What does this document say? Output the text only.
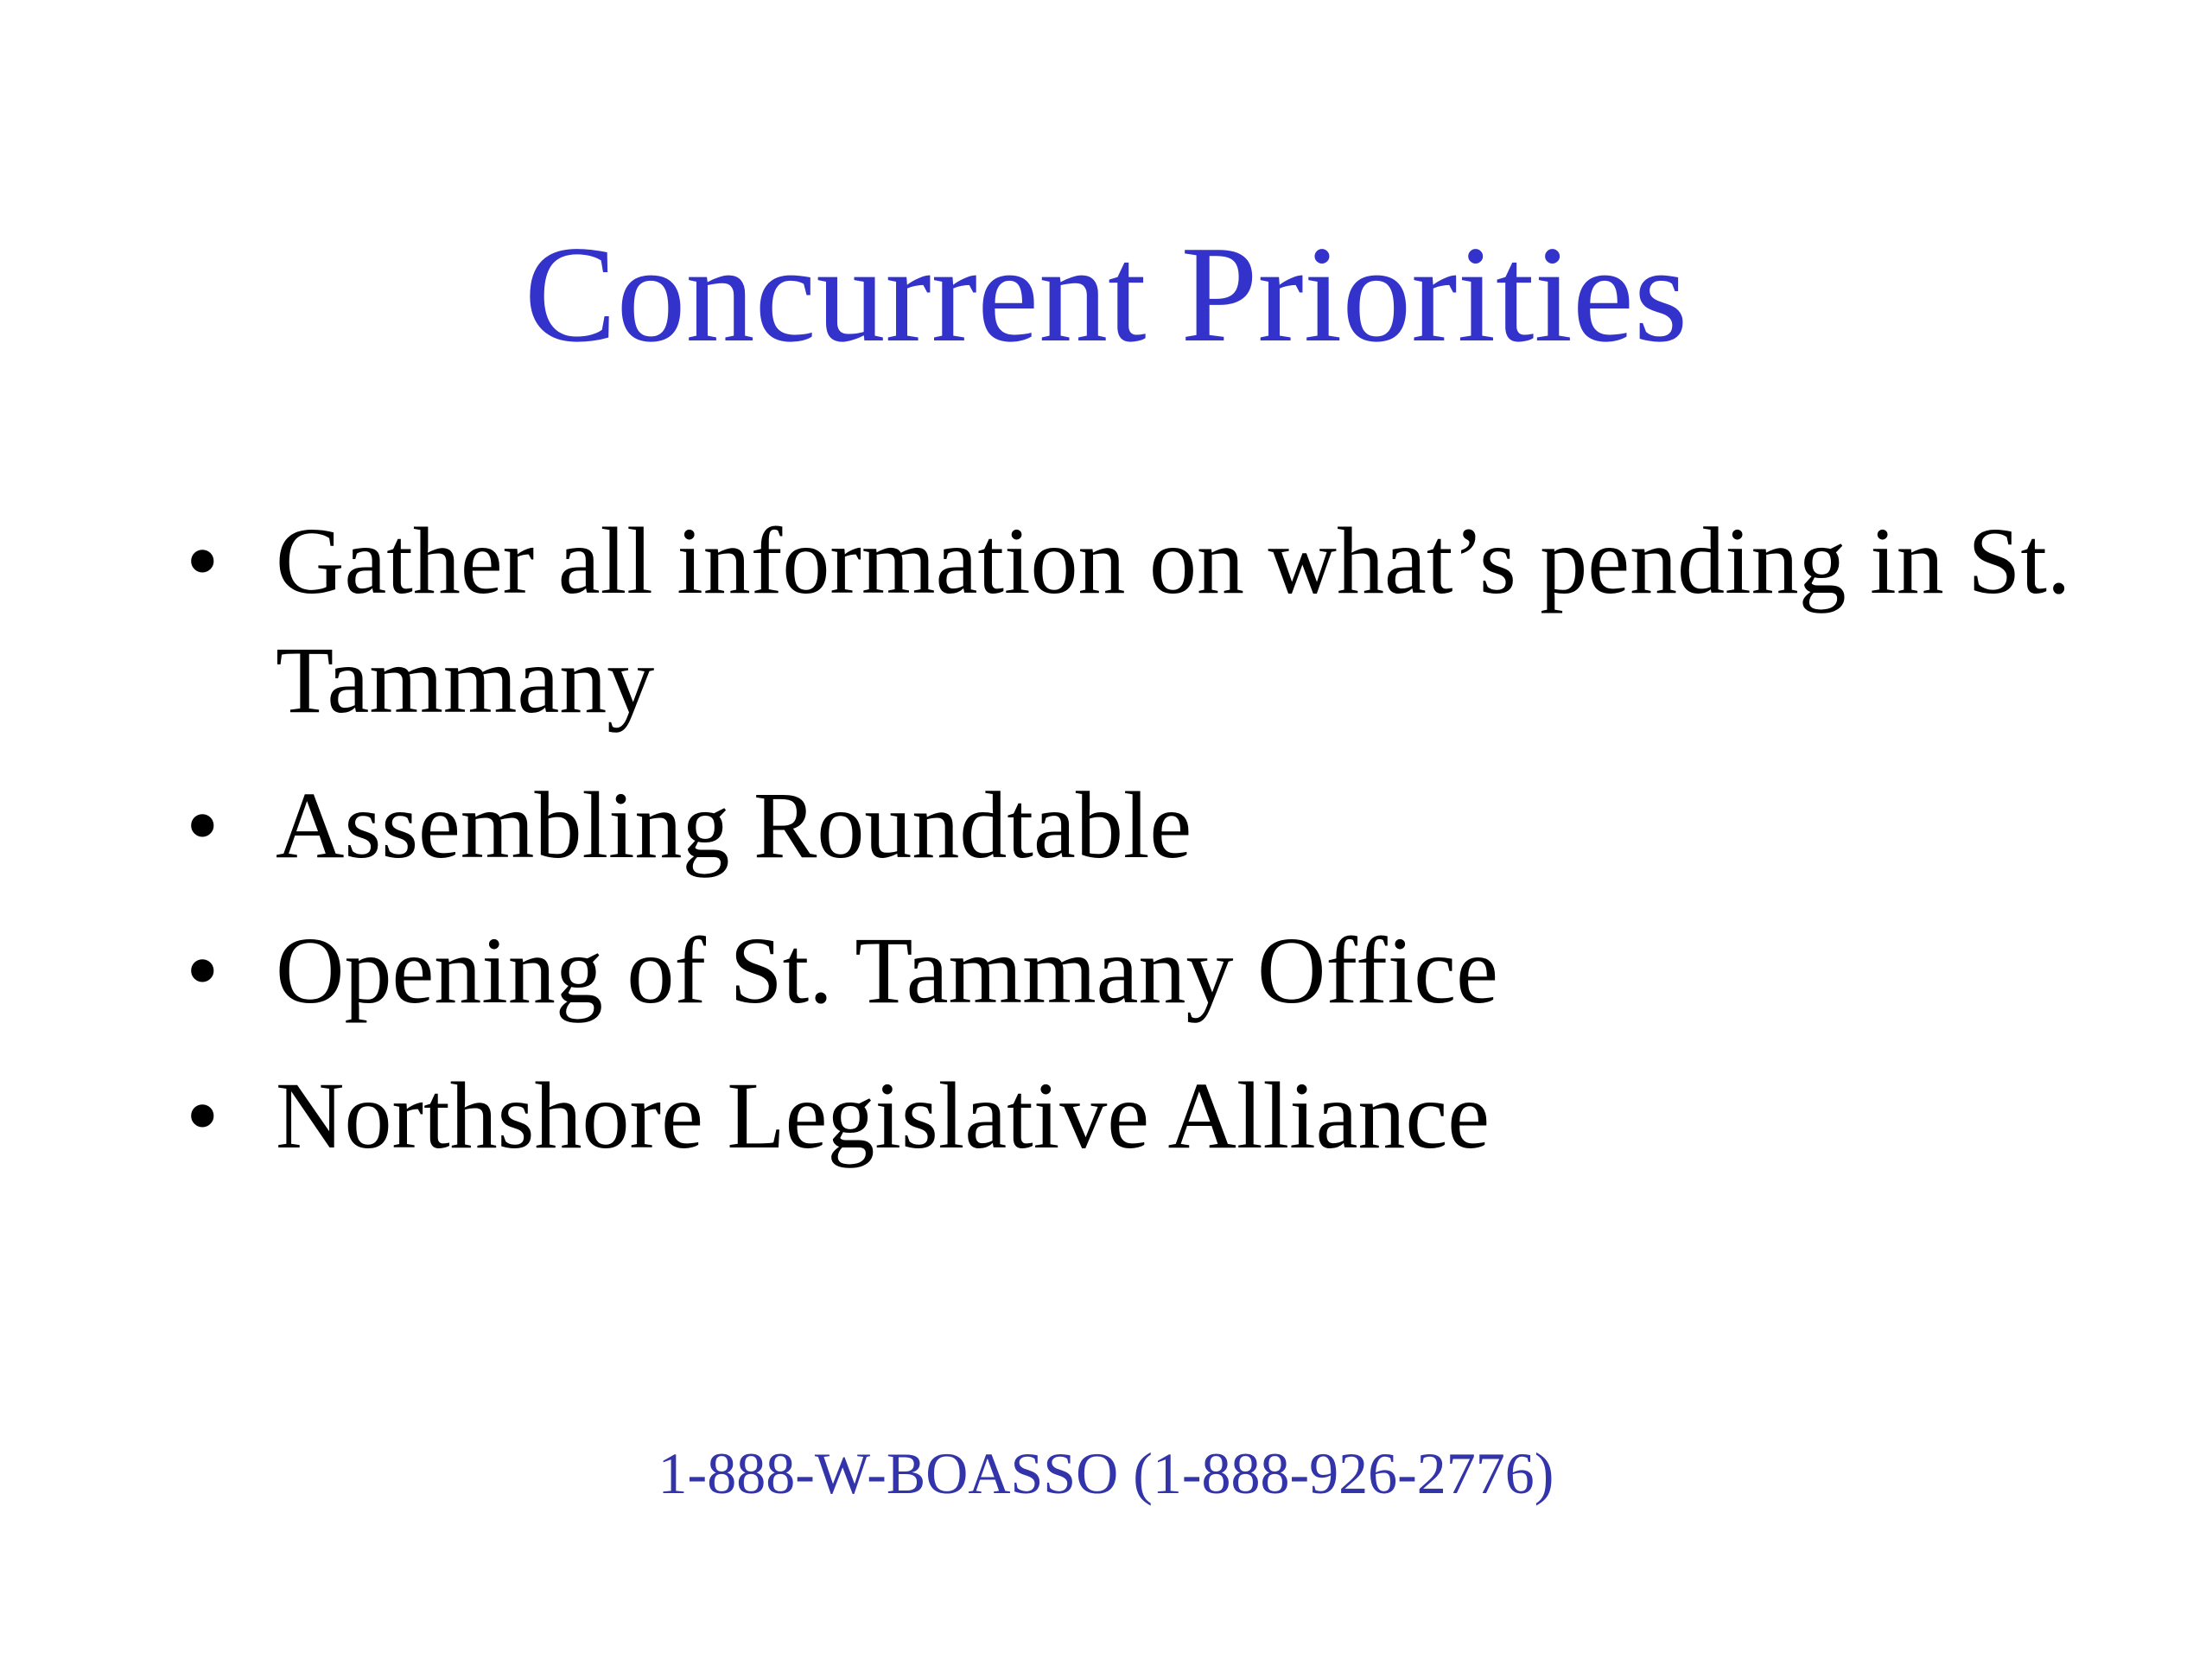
Concurrent Priorities
• Gather all information on what’s pending in St. Tammany
• Assembling Roundtable
• Opening of St. Tammany Office
• Northshore Legislative Alliance
1-888-W-BOASSO (1-888-926-2776)
